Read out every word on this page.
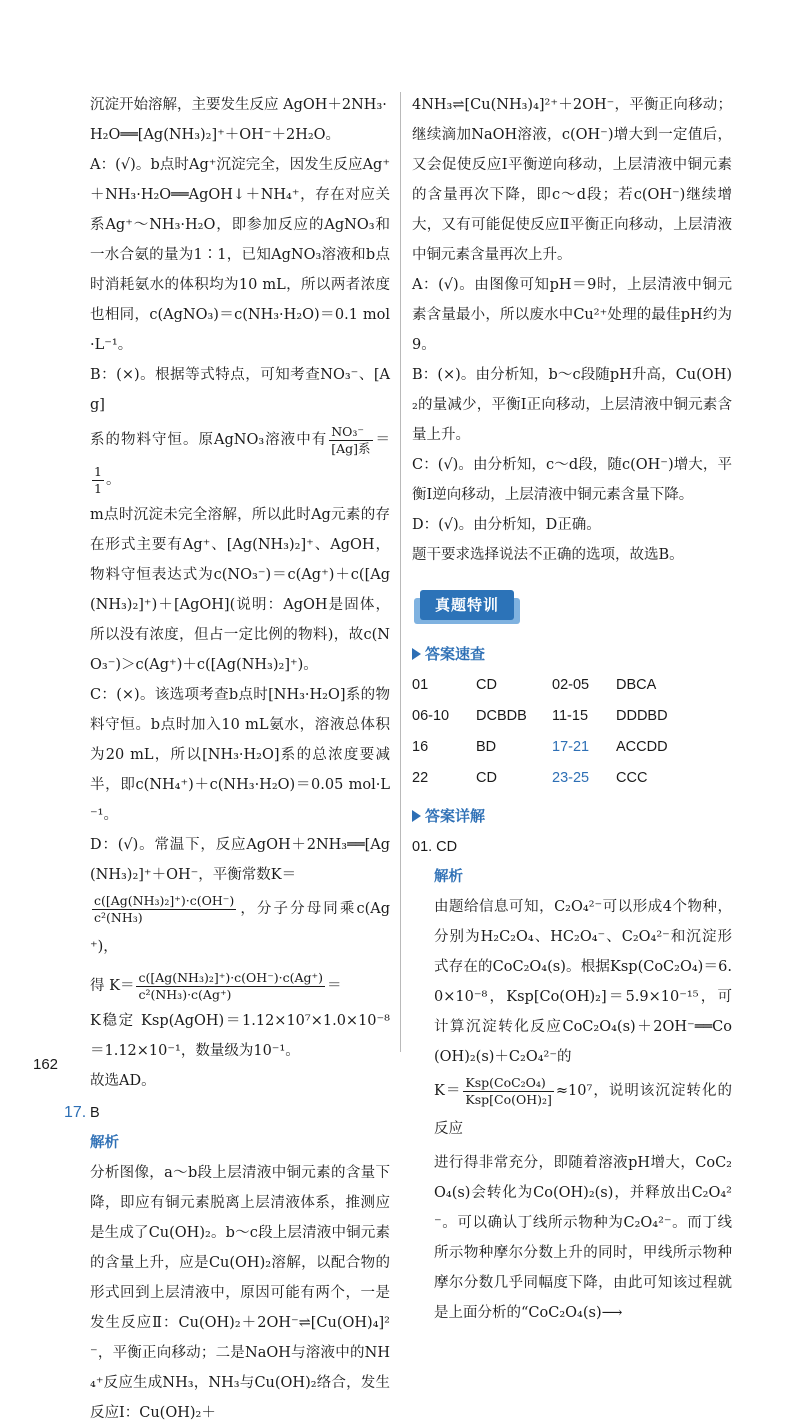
沉淀开始溶解，主要发生反应 AgOH＋2NH₃·
H₂O══[Ag(NH₃)₂]⁺＋OH⁻＋2H₂O。
A：(√)。b点时Ag⁺沉淀完全，因发生反应Ag⁺＋NH₃·H₂O══AgOH↓＋NH₄⁺，存在对应关系Ag⁺～NH₃·H₂O，即参加反应的AgNO₃和一水合氨的量为1∶1，已知AgNO₃溶液和b点时消耗氨水的体积均为10 mL，所以两者浓度也相同，c(AgNO₃)＝c(NH₃·H₂O)＝0.1 mol·L⁻¹。
B：(×)。根据等式特点，可知考查NO₃⁻、[Ag]
系的物料守恒。原AgNO₃溶液中有 $\frac{\text{NO₃⁻}}{\text{[Ag]系}}$ ＝
$\frac{1}{1}$ 。
m点时沉淀未完全溶解，所以此时Ag元素的存在形式主要有Ag⁺、[Ag(NH₃)₂]⁺、AgOH，物料守恒表达式为c(NO₃⁻)＝c(Ag⁺)＋c([Ag(NH₃)₂]⁺)＋[AgOH](说明：AgOH是固体，所以没有浓度，但占一定比例的物料)，故c(NO₃⁻)＞c(Ag⁺)＋c([Ag(NH₃)₂]⁺)。
C：(×)。该选项考查b点时[NH₃·H₂O]系的物料守恒。b点时加入10 mL氨水，溶液总体积为20 mL，所以[NH₃·H₂O]系的总浓度要减半，即c(NH₄⁺)＋c(NH₃·H₂O)＝0.05 mol·L⁻¹。
D：(√)。常温下，反应AgOH＋2NH₃══[Ag(NH₃)₂]⁺＋OH⁻，平衡常数K＝
$\frac{\text{c([Ag(NH₃)₂]⁺)·c(OH⁻)}}{\text{c²(NH₃)}}$ ，分子分母同乘c(Ag⁺)，
得 $K= \frac{\text{c([Ag(NH₃)₂]⁺)·c(OH⁻)·c(Ag⁺)}}{\text{c²(NH₃)·c(Ag⁺)}}$ ＝
K稳定 Ksp(AgOH)＝1.12×10⁷×1.0×10⁻⁸＝1.12×10⁻¹，数量级为10⁻¹。
故选AD。
17. B
解析
分析图像，a～b段上层清液中铜元素的含量下降，即应有铜元素脱离上层清液体系，推测应是生成了Cu(OH)₂。b～c段上层清液中铜元素的含量上升，应是Cu(OH)₂溶解，以配合物的形式回到上层清液中，原因可能有两个，一是发生反应Ⅱ：Cu(OH)₂＋2OH⁻⇌[Cu(OH)₄]²⁻，平衡正向移动；二是NaOH与溶液中的NH₄⁺反应生成NH₃，NH₃与Cu(OH)₂络合，发生反应Ⅰ：Cu(OH)₂＋
4NH₃⇌[Cu(NH₃)₄]²⁺＋2OH⁻，平衡正向移动；继续滴加NaOH溶液，c(OH⁻)增大到一定值后，又会促使反应Ⅰ平衡逆向移动，上层清液中铜元素的含量再次下降，即c～d段；若c(OH⁻)继续增大，又有可能促使反应Ⅱ平衡正向移动，上层清液中铜元素含量再次上升。
A：(√)。由图像可知pH＝9时，上层清液中铜元素含量最小，所以废水中Cu²⁺处理的最佳pH约为9。
B：(×)。由分析知，b～c段随pH升高，Cu(OH)₂的量减少，平衡Ⅰ正向移动，上层清液中铜元素含量上升。
C：(√)。由分析知，c～d段，随c(OH⁻)增大，平衡Ⅰ逆向移动，上层清液中铜元素含量下降。
D：(√)。由分析知，D正确。
题干要求选择说法不正确的选项，故选B。
真题特训
答案速查
01	CD	02-05 DBCA
06-10 DCBDB	11-15 DDDBD
16	BD	17-21 ACCDD
22	CD	23-25 CCC
答案详解
01. CD
解析
由题给信息可知，C₂O₄²⁻可以形成4个物种，分别为H₂C₂O₄、HC₂O₄⁻、C₂O₄²⁻和沉淀形式存在的CoC₂O₄(s)。根据Ksp(CoC₂O₄)＝6.0×10⁻⁸，Ksp[Co(OH)₂]＝5.9×10⁻¹⁵，可计算沉淀转化反应CoC₂O₄(s)＋2OH⁻══Co(OH)₂(s)＋C₂O₄²⁻的
$K= \frac{\text{Ksp(CoC₂O₄)}}{\text{Ksp[Co(OH)₂]}} \approx 10^7$，说明该沉淀转化的反应
进行得非常充分，即随着溶液pH增大，CoC₂O₄(s)会转化为Co(OH)₂(s)，并释放出C₂O₄²⁻。可以确认丁线所示物种为C₂O₄²⁻。而丁线所示物种摩尔分数上升的同时，甲线所示物种摩尔分数几乎同幅度下降，由此可知该过程就是上面分析的“CoC₂O₄(s)⟶
162
